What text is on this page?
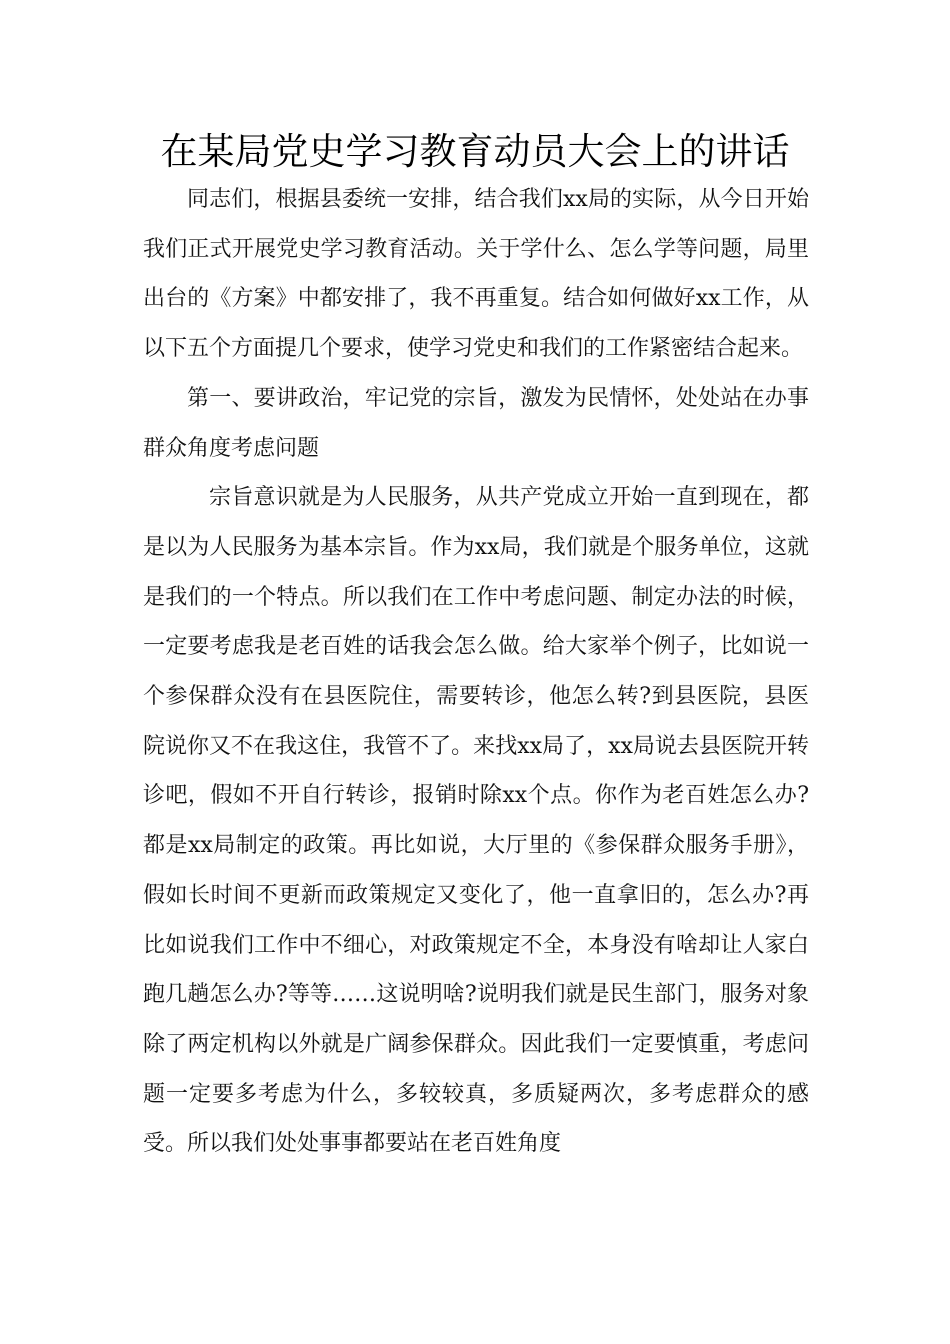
在某局党史学习教育动员大会上的讲话

同志们，根据县委统一安排，结合我们xx局的实际，从今日开始我们正式开展党史学习教育活动。关于学什么、怎么学等问题，局里出台的《方案》中都安排了，我不再重复。结合如何做好xx工作，从以下五个方面提几个要求，使学习党史和我们的工作紧密结合起来。

第一、要讲政治，牢记党的宗旨，激发为民情怀，处处站在办事群众角度考虑问题

宗旨意识就是为人民服务，从共产党成立开始一直到现在，都是以为人民服务为基本宗旨。作为xx局，我们就是个服务单位，这就是我们的一个特点。所以我们在工作中考虑问题、制定办法的时候，一定要考虑我是老百姓的话我会怎么做。给大家举个例子，比如说一个参保群众没有在县医院住，需要转诊，他怎么转?到县医院，县医院说你又不在我这住，我管不了。来找xx局了，xx局说去县医院开转诊吧，假如不开自行转诊，报销时除xx个点。你作为老百姓怎么办?都是xx局制定的政策。再比如说，大厅里的《参保群众服务手册》，假如长时间不更新而政策规定又变化了，他一直拿旧的，怎么办?再比如说我们工作中不细心，对政策规定不全，本身没有啥却让人家白跑几趟怎么办?等等……这说明啥?说明我们就是民生部门，服务对象除了两定机构以外就是广阔参保群众。因此我们一定要慎重，考虑问题一定要多考虑为什么，多较较真，多质疑两次，多考虑群众的感受。所以我们处处事事都要站在老百姓角度
